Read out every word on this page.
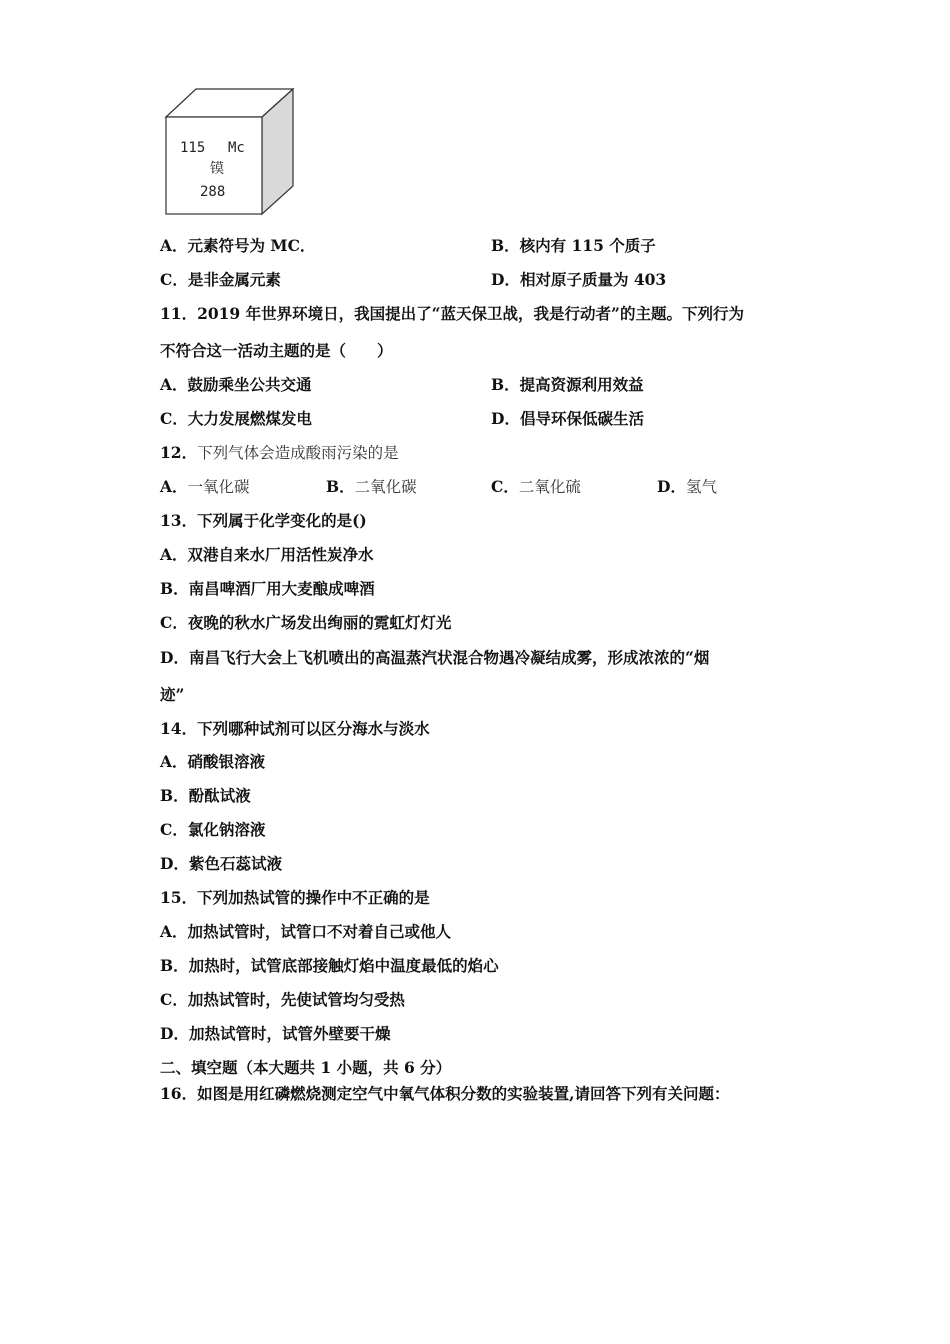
115 Mc
镆
288
A．元素符号为 MC．	B．核内有 115 个质子
C．是非金属元素	D．相对原子质量为 403
11．2019 年世界环境日，我国提出了“蓝天保卫战，我是行动者”的主题。下列行为
不符合这一活动主题的是（　　）
A．鼓励乘坐公共交通	B．提高资源利用效益
C．大力发展燃煤发电	D．倡导环保低碳生活
12．下列气体会造成酸雨污染的是
A．一氧化碳	B．二氧化碳	C．二氧化硫	D．氢气
13．下列属于化学变化的是()
A．双港自来水厂用活性炭净水
B．南昌啤酒厂用大麦酿成啤酒
C．夜晚的秋水广场发出绚丽的霓虹灯灯光
D．南昌飞行大会上飞机喷出的高温蒸汽状混合物遇冷凝结成雾，形成浓浓的“烟
迹”
14．下列哪种试剂可以区分海水与淡水
A．硝酸银溶液
B．酚酞试液
C．氯化钠溶液
D．紫色石蕊试液
15．下列加热试管的操作中不正确的是
A．加热试管时，试管口不对着自己或他人
B．加热时，试管底部接触灯焰中温度最低的焰心
C．加热试管时，先使试管均匀受热
D．加热试管时，试管外壁要干燥
二、填空题（本大题共 1 小题，共 6 分）
16．如图是用红磷燃烧测定空气中氧气体积分数的实验装置,请回答下列有关问题：
